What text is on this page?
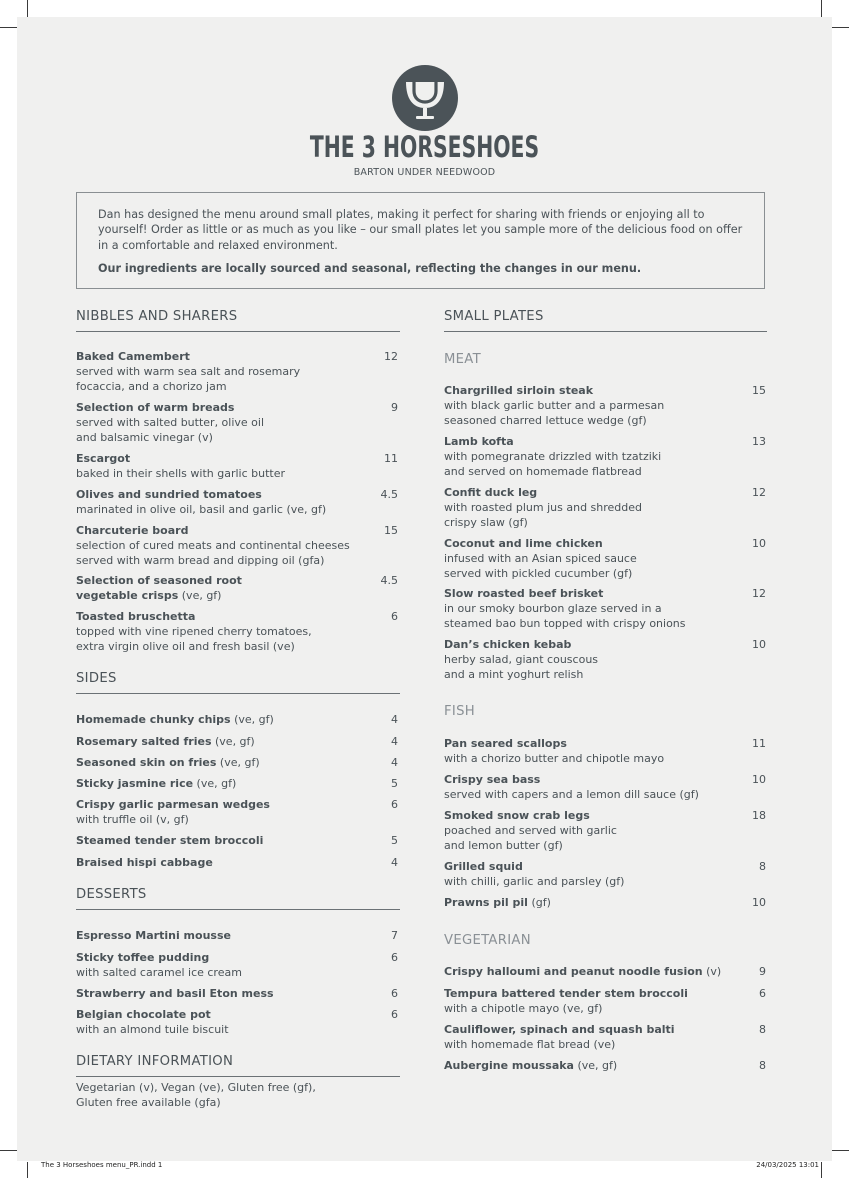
THE 3 HORSESHOES
BARTON UNDER NEEDWOOD

Dan has designed the menu around small plates, making it perfect for sharing with friends or enjoying all to yourself! Order as little or as much as you like – our small plates let you sample more of the delicious food on offer in a comfortable and relaxed environment.

Our ingredients are locally sourced and seasonal, reflecting the changes in our menu.

NIBBLES AND SHARERS
SIDES
DESSERTS
DIETARY INFORMATION
SMALL PLATES
MEAT
FISH
VEGETARIAN
Baked Camembert	12
served with warm sea salt and rosemary
focaccia, and a chorizo jam
Selection of warm breads	9
served with salted butter, olive oil
and balsamic vinegar (v)
Escargot	11
baked in their shells with garlic butter
Olives and sundried tomatoes	4.5
marinated in olive oil, basil and garlic (ve, gf)
Charcuterie board	15
selection of cured meats and continental cheeses
served with warm bread and dipping oil (gfa)
Selection of seasoned root	4.5
vegetable crisps (ve, gf)
Toasted bruschetta	6
topped with vine ripened cherry tomatoes,
extra virgin olive oil and fresh basil (ve)
Homemade chunky chips (ve, gf)	4
Rosemary salted fries (ve, gf)	4
Seasoned skin on fries (ve, gf)	4
Sticky jasmine rice (ve, gf)	5
Crispy garlic parmesan wedges	6
with truffle oil (v, gf)
Steamed tender stem broccoli	5
Braised hispi cabbage	4
Espresso Martini mousse	7
Sticky toffee pudding	6
with salted caramel ice cream
Strawberry and basil Eton mess	6
Belgian chocolate pot	6
with an almond tuile biscuit
Chargrilled sirloin steak	15
with black garlic butter and a parmesan
seasoned charred lettuce wedge (gf)
Lamb kofta	13
with pomegranate drizzled with tzatziki
and served on homemade flatbread
Confit duck leg	12
with roasted plum jus and shredded
crispy slaw (gf)
Coconut and lime chicken	10
infused with an Asian spiced sauce
served with pickled cucumber (gf)
Slow roasted beef brisket	12
in our smoky bourbon glaze served in a
steamed bao bun topped with crispy onions
Dan’s chicken kebab	10
herby salad, giant couscous
and a mint yoghurt relish
Pan seared scallops	11
with a chorizo butter and chipotle mayo
Crispy sea bass	10
served with capers and a lemon dill sauce (gf)
Smoked snow crab legs	18
poached and served with garlic
and lemon butter (gf)
Grilled squid	8
with chilli, garlic and parsley (gf)
Prawns pil pil (gf)	10
Crispy halloumi and peanut noodle fusion (v)	9
Tempura battered tender stem broccoli	6
with a chipotle mayo (ve, gf)
Cauliflower, spinach and squash balti	8
with homemade flat bread (ve)
Aubergine moussaka (ve, gf)	8
Vegetarian (v), Vegan (ve), Gluten free (gf),
Gluten free available (gfa)
The 3 Horseshoes menu_PR.indd 1	24/03/2025 13:01
